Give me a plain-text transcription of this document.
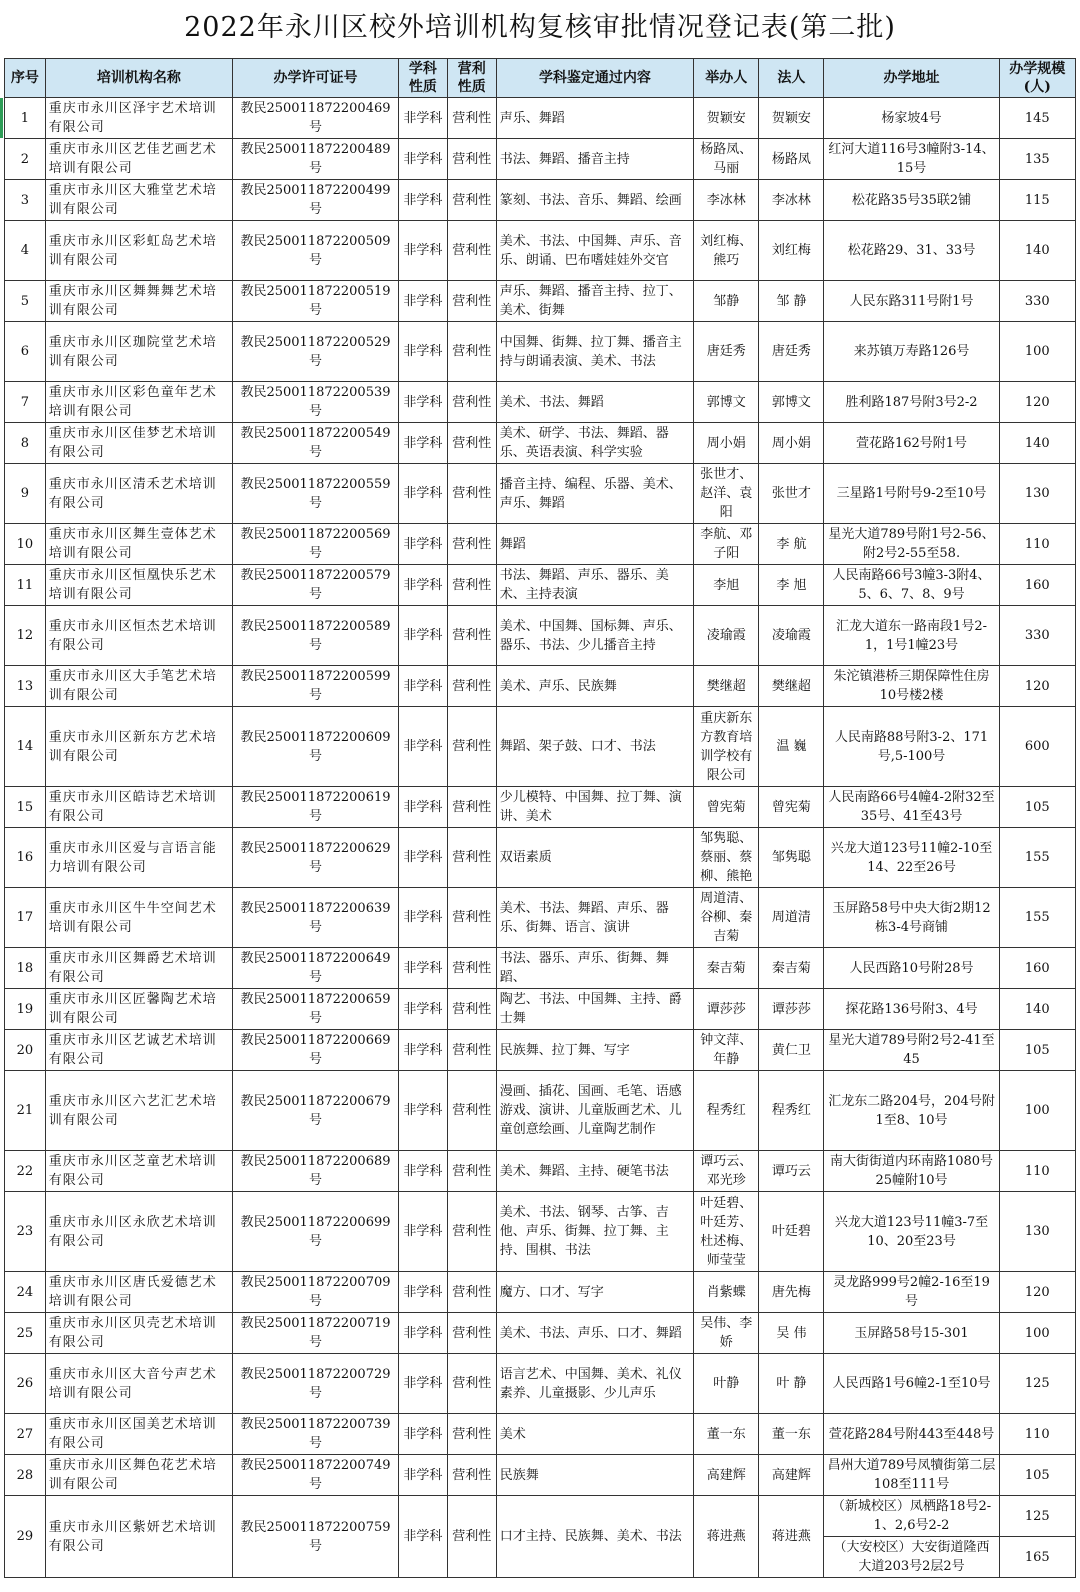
2022年永川区校外培训机构复核审批情况登记表(第二批)
序号	培训机构名称	办学许可证号	学科性质	营利性质	学科鉴定通过内容	举办人	法人	办学地址	办学规模(人)
1	重庆市永川区泽宇艺术培训有限公司	教民250011872200469号	非学科	营利性	声乐、舞蹈	贺颖安	贺颖安	杨家坡4号	145
2	重庆市永川区艺佳艺画艺术培训有限公司	教民250011872200489号	非学科	营利性	书法、舞蹈、播音主持	杨路凤、马丽	杨路凤	红河大道116号3幢附3-14、15号	135
3	重庆市永川区大雅堂艺术培训有限公司	教民250011872200499号	非学科	营利性	篆刻、书法、音乐、舞蹈、绘画	李冰林	李冰林	松花路35号35联2铺	115
4	重庆市永川区彩虹岛艺术培训有限公司	教民250011872200509号	非学科	营利性	美术、书法、中国舞、声乐、音乐、朗诵、巴布嗜娃娃外交官	刘红梅、熊巧	刘红梅	松花路29、31、33号	140
5	重庆市永川区舞舞舞艺术培训有限公司	教民250011872200519号	非学科	营利性	声乐、舞蹈、播音主持、拉丁、美术、街舞	邹静	邹 静	人民东路311号附1号	330
6	重庆市永川区珈院堂艺术培训有限公司	教民250011872200529号	非学科	营利性	中国舞、街舞、拉丁舞、播音主持与朗诵表演、美术、书法	唐廷秀	唐廷秀	来苏镇万寿路126号	100
7	重庆市永川区彩色童年艺术培训有限公司	教民250011872200539号	非学科	营利性	美术、书法、舞蹈	郭博文	郭博文	胜利路187号附3号2-2	120
8	重庆市永川区佳梦艺术培训有限公司	教民250011872200549号	非学科	营利性	美术、研学、书法、舞蹈、器乐、英语表演、科学实验	周小娟	周小娟	萱花路162号附1号	140
9	重庆市永川区清禾艺术培训有限公司	教民250011872200559号	非学科	营利性	播音主持、编程、乐器、美术、声乐、舞蹈	张世才、赵洋、袁阳	张世才	三星路1号附号9-2至10号	130
10	重庆市永川区舞生壹体艺术培训有限公司	教民250011872200569号	非学科	营利性	舞蹈	李航、邓子阳	李 航	星光大道789号附1号2-56、附2号2-55至58.	110
11	重庆市永川区恒凰快乐艺术培训有限公司	教民250011872200579号	非学科	营利性	书法、舞蹈、声乐、器乐、美术、主持表演	李旭	李 旭	人民南路66号3幢3-3附4、5、6、7、8、9号	160
12	重庆市永川区恒杰艺术培训有限公司	教民250011872200589号	非学科	营利性	美术、中国舞、国标舞、声乐、器乐、书法、少儿播音主持	凌瑜霞	凌瑜霞	汇龙大道东一路南段1号2-1，1号1幢23号	330
13	重庆市永川区大手笔艺术培训有限公司	教民250011872200599号	非学科	营利性	美术、声乐、民族舞	樊继超	樊继超	朱沱镇港桥三期保障性住房10号楼2楼	120
14	重庆市永川区新东方艺术培训有限公司	教民250011872200609号	非学科	营利性	舞蹈、架子鼓、口才、书法	重庆新东方教育培训学校有限公司	温 巍	人民南路88号附3-2、171号,5-100号	600
15	重庆市永川区皓诗艺术培训有限公司	教民250011872200619号	非学科	营利性	少儿模特、中国舞、拉丁舞、演讲、美术	曾宪菊	曾宪菊	人民南路66号4幢4-2附32至35号、41至43号	105
16	重庆市永川区爱与言语言能力培训有限公司	教民250011872200629号	非学科	营利性	双语素质	邹隽聪、蔡丽、蔡柳、熊艳	邹隽聪	兴龙大道123号11幢2-10至14、22至26号	155
17	重庆市永川区牛牛空间艺术培训有限公司	教民250011872200639号	非学科	营利性	美术、书法、舞蹈、声乐、器乐、街舞、语言、演讲	周道清、谷柳、秦吉菊	周道清	玉屏路58号中央大街2期12栋3-4号商铺	155
18	重庆市永川区舞爵艺术培训有限公司	教民250011872200649号	非学科	营利性	书法、器乐、声乐、街舞、舞蹈、	秦吉菊	秦吉菊	人民西路10号附28号	160
19	重庆市永川区匠馨陶艺术培训有限公司	教民250011872200659号	非学科	营利性	陶艺、书法、中国舞、主持、爵士舞	谭莎莎	谭莎莎	探花路136号附3、4号	140
20	重庆市永川区艺诚艺术培训有限公司	教民250011872200669号	非学科	营利性	民族舞、拉丁舞、写字	钟文萍、年静	黄仁卫	星光大道789号附2号2-41至45	105
21	重庆市永川区六艺汇艺术培训有限公司	教民250011872200679号	非学科	营利性	漫画、插花、国画、毛笔、语感游戏、演讲、儿童版画艺术、儿童创意绘画、儿童陶艺制作	程秀红	程秀红	汇龙东二路204号，204号附1至8、10号	100
22	重庆市永川区芝童艺术培训有限公司	教民250011872200689号	非学科	营利性	美术、舞蹈、主持、硬笔书法	谭巧云、邓光珍	谭巧云	南大街街道内环南路1080号25幢附10号	110
23	重庆市永川区永欣艺术培训有限公司	教民250011872200699号	非学科	营利性	美术、书法、钢琴、古筝、吉他、声乐、街舞、拉丁舞、主持、围棋、书法	叶廷碧、叶廷芳、杜述梅、师莹莹	叶廷碧	兴龙大道123号11幢3-7至10、20至23号	130
24	重庆市永川区唐氏爱德艺术培训有限公司	教民250011872200709号	非学科	营利性	魔方、口才、写字	肖紫蝶	唐先梅	灵龙路999号2幢2-16至19号	120
25	重庆市永川区贝壳艺术培训有限公司	教民250011872200719号	非学科	营利性	美术、书法、声乐、口才、舞蹈	吴伟、李娇	吴 伟	玉屏路58号15-301	100
26	重庆市永川区大音兮声艺术培训有限公司	教民250011872200729号	非学科	营利性	语言艺术、中国舞、美术、礼仪素养、儿童摄影、少儿声乐	叶静	叶 静	人民西路1号6幢2-1至10号	125
27	重庆市永川区国美艺术培训有限公司	教民250011872200739号	非学科	营利性	美术	董一东	董一东	萱花路284号附443至448号	110
28	重庆市永川区舞色花艺术培训有限公司	教民250011872200749号	非学科	营利性	民族舞	高建辉	高建辉	昌州大道789号凤犢街第二层108至111号	105
29	重庆市永川区紫妍艺术培训有限公司	教民250011872200759号	非学科	营利性	口才主持、民族舞、美术、书法	蒋进燕	蒋进燕	（新城校区）凤栖路18号2-1、2,6号2-2	125
								（大安校区）大安街道隆西大道203号2层2号	165
